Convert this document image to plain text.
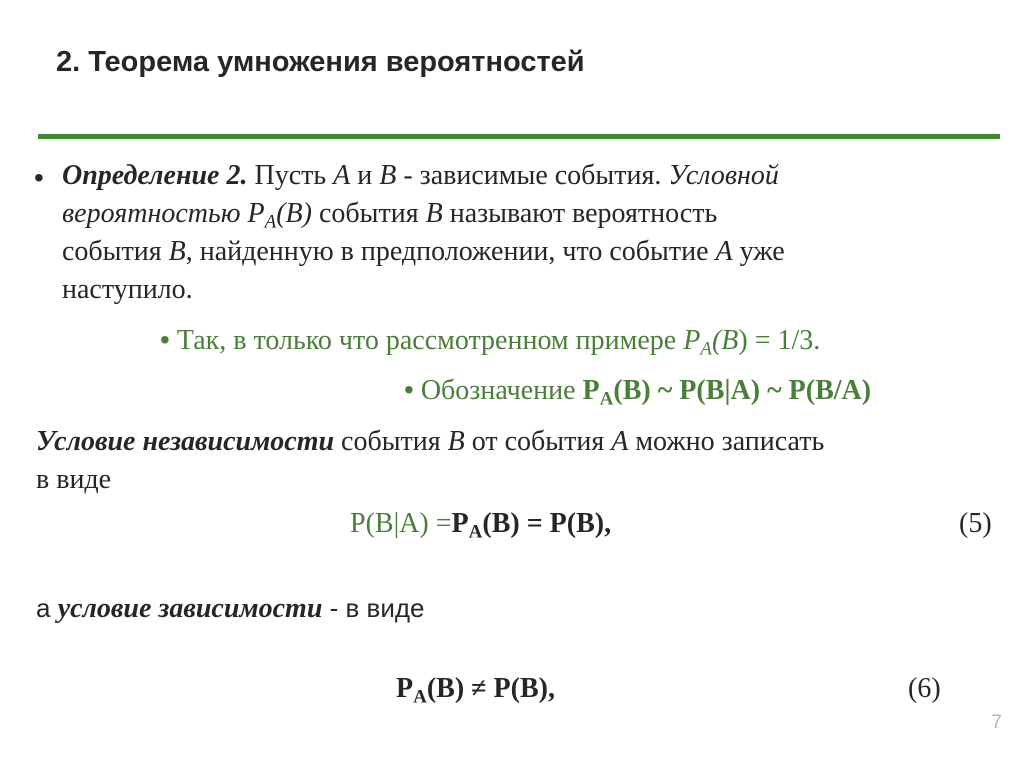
2. Теорема умножения вероятностей
• Определение 2. Пусть A и B - зависимые события. Условной
вероятностью $P_A(B)$ события B называют вероятность
события B, найденную в предположении, что событие A уже
наступило.
• Так, в только что рассмотренном примере $P_A(B) = 1/3$.
• Обозначение $P_A(B)$ ~ P(B|A) ~ P(B/A)
Условие независимости события B от события A можно записать
в виде
$P(B|A) =P_A(B) = P(B)$,	(5)
а условие зависимости - в виде
$P_A(B) \ne P(B)$,	(6)
7
